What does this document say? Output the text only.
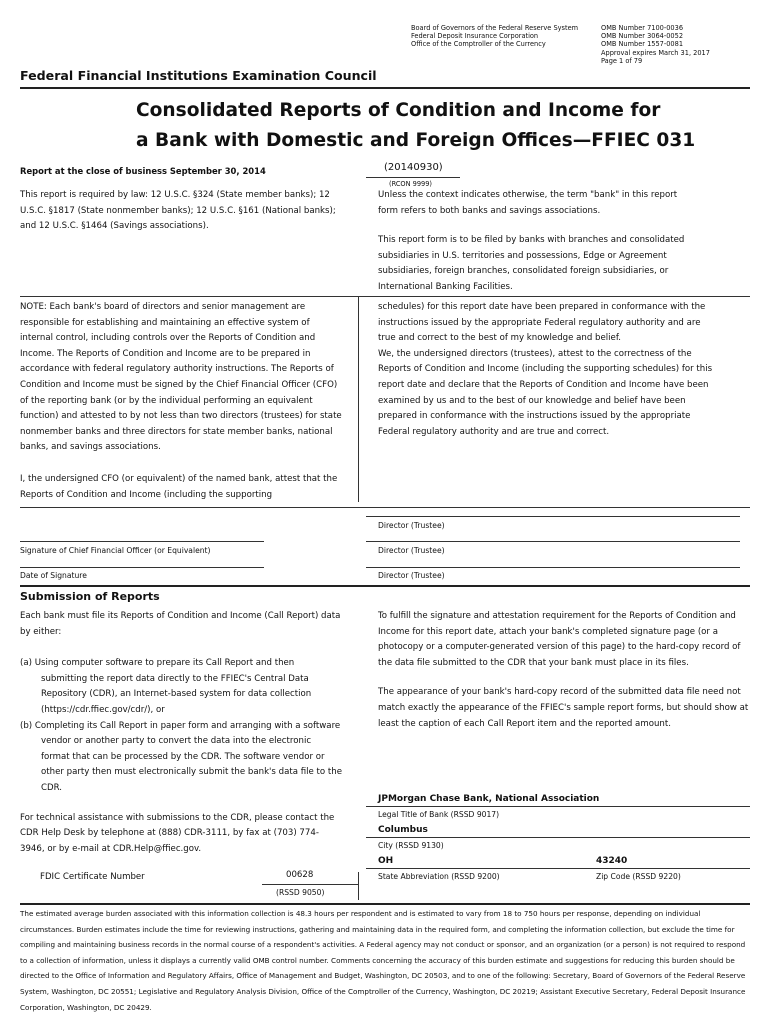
Board of Governors of the Federal Reserve System
Federal Deposit Insurance Corporation
Office of the Comptroller of the Currency
OMB Number 7100-0036
OMB Number 3064-0052
OMB Number 1557-0081
Approval expires March 31, 2017
Page 1 of 79
Federal Financial Institutions Examination Council
Consolidated Reports of Condition and Income for
a Bank with Domestic and Foreign Offices—FFIEC 031
Report at the close of business September 30, 2014	(20140930)
(RCON 9999)

This report is required by law: 12 U.S.C. §324 (State member banks); 12 U.S.C. §1817 (State nonmember banks); 12 U.S.C. §161 (National banks); and 12 U.S.C. §1464 (Savings associations).

Unless the context indicates otherwise, the term "bank" in this report form refers to both banks and savings associations.

This report form is to be filed by banks with branches and consolidated subsidiaries in U.S. territories and possessions, Edge or Agreement subsidiaries, foreign branches, consolidated foreign subsidiaries, or International Banking Facilities.

NOTE: Each bank's board of directors and senior management are responsible for establishing and maintaining an effective system of internal control, including controls over the Reports of Condition and Income. The Reports of Condition and Income are to be prepared in accordance with federal regulatory authority instructions. The Reports of Condition and Income must be signed by the Chief Financial Officer (CFO) of the reporting bank (or by the individual performing an equivalent function) and attested to by not less than two directors (trustees) for state nonmember banks and three directors for state member banks, national banks, and savings associations.

I, the undersigned CFO (or equivalent) of the named bank, attest that the Reports of Condition and Income (including the supporting

schedules) for this report date have been prepared in conformance with the instructions issued by the appropriate Federal regulatory authority and are true and correct to the best of my knowledge and belief.

We, the undersigned directors (trustees), attest to the correctness of the Reports of Condition and Income (including the supporting schedules) for this report date and declare that the Reports of Condition and Income have been examined by us and to the best of our knowledge and belief have been prepared in conformance with the instructions issued by the appropriate Federal regulatory authority and are true and correct.

Director (Trustee)
Signature of Chief Financial Officer (or Equivalent)	Director (Trustee)
Date of Signature	Director (Trustee)
Submission of Reports

Each bank must file its Reports of Condition and Income (Call Report) data by either:

(a) Using computer software to prepare its Call Report and then submitting the report data directly to the FFIEC's Central Data Repository (CDR), an Internet-based system for data collection (https://cdr.ffiec.gov/cdr/), or

(b) Completing its Call Report in paper form and arranging with a software vendor or another party to convert the data into the electronic format that can be processed by the CDR. The software vendor or other party then must electronically submit the bank's data file to the CDR.

For technical assistance with submissions to the CDR, please contact the CDR Help Desk by telephone at (888) CDR-3111, by fax at (703) 774-3946, or by e-mail at CDR.Help@ffiec.gov.

To fulfill the signature and attestation requirement for the Reports of Condition and Income for this report date, attach your bank's completed signature page (or a photocopy or a computer-generated version of this page) to the hard-copy record of the data file submitted to the CDR that your bank must place in its files.

The appearance of your bank's hard-copy record of the submitted data file need not match exactly the appearance of the FFIEC's sample report forms, but should show at least the caption of each Call Report item and the reported amount.

FDIC Certificate Number	00628
(RSSD 9050)
JPMorgan Chase Bank, National Association
Legal Title of Bank (RSSD 9017)
Columbus
City (RSSD 9130)
OH	43240
State Abbreviation (RSSD 9200)	Zip Code (RSSD 9220)

The estimated average burden associated with this information collection is 48.3 hours per respondent and is estimated to vary from 18 to 750 hours per response, depending on individual circumstances. Burden estimates include the time for reviewing instructions, gathering and maintaining data in the required form, and completing the information collection, but exclude the time for compiling and maintaining business records in the normal course of a respondent's activities. A Federal agency may not conduct or sponsor, and an organization (or a person) is not required to respond to a collection of information, unless it displays a currently valid OMB control number. Comments concerning the accuracy of this burden estimate and suggestions for reducing this burden should be directed to the Office of Information and Regulatory Affairs, Office of Management and Budget, Washington, DC 20503, and to one of the following: Secretary, Board of Governors of the Federal Reserve System, Washington, DC 20551; Legislative and Regulatory Analysis Division, Office of the Comptroller of the Currency, Washington, DC 20219; Assistant Executive Secretary, Federal Deposit Insurance Corporation, Washington, DC 20429.
